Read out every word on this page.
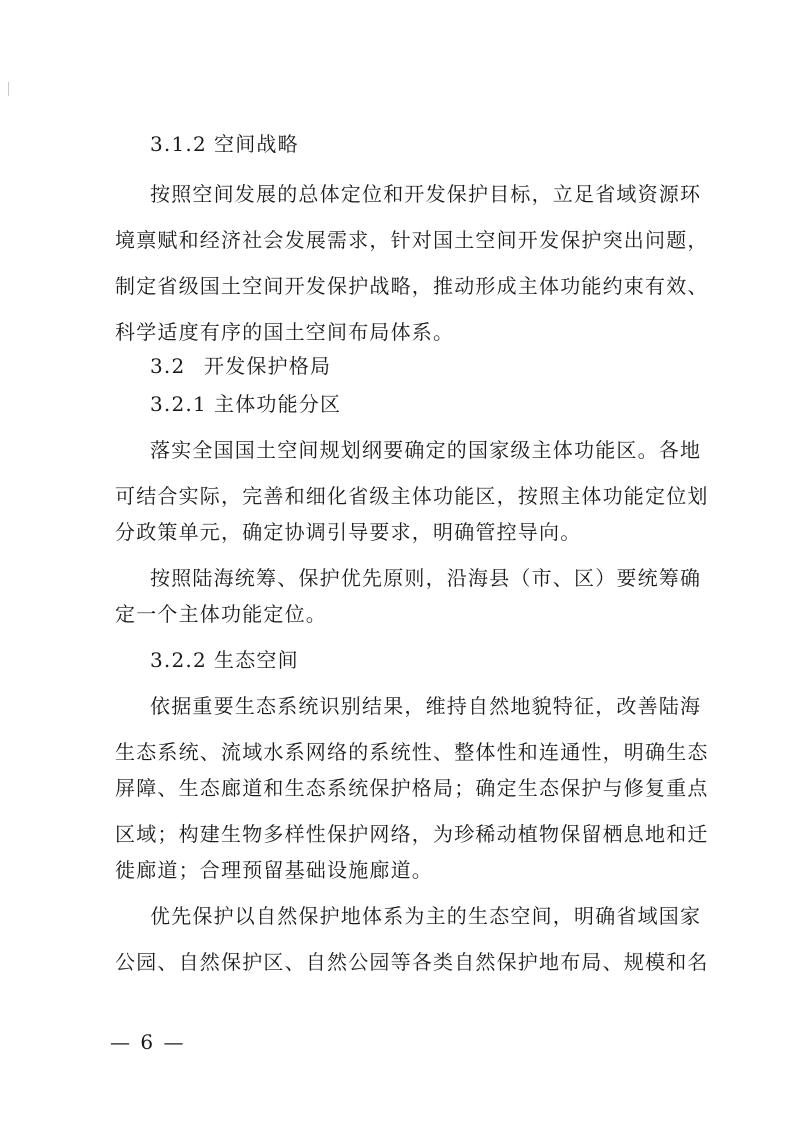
3.1.2 空间战略
按照空间发展的总体定位和开发保护目标，立足省域资源环
境禀赋和经济社会发展需求，针对国土空间开发保护突出问题，
制定省级国土空间开发保护战略，推动形成主体功能约束有效、
科学适度有序的国土空间布局体系。
3.2 开发保护格局
3.2.1 主体功能分区
落实全国国土空间规划纲要确定的国家级主体功能区。各地
可结合实际，完善和细化省级主体功能区，按照主体功能定位划
分政策单元，确定协调引导要求，明确管控导向。
按照陆海统筹、保护优先原则，沿海县（市、区）要统筹确
定一个主体功能定位。
3.2.2 生态空间
依据重要生态系统识别结果，维持自然地貌特征，改善陆海
生态系统、流域水系网络的系统性、整体性和连通性，明确生态
屏障、生态廊道和生态系统保护格局；确定生态保护与修复重点
区域；构建生物多样性保护网络，为珍稀动植物保留栖息地和迁
徙廊道；合理预留基础设施廊道。
优先保护以自然保护地体系为主的生态空间，明确省域国家
公园、自然保护区、自然公园等各类自然保护地布局、规模和名
— 6 —
